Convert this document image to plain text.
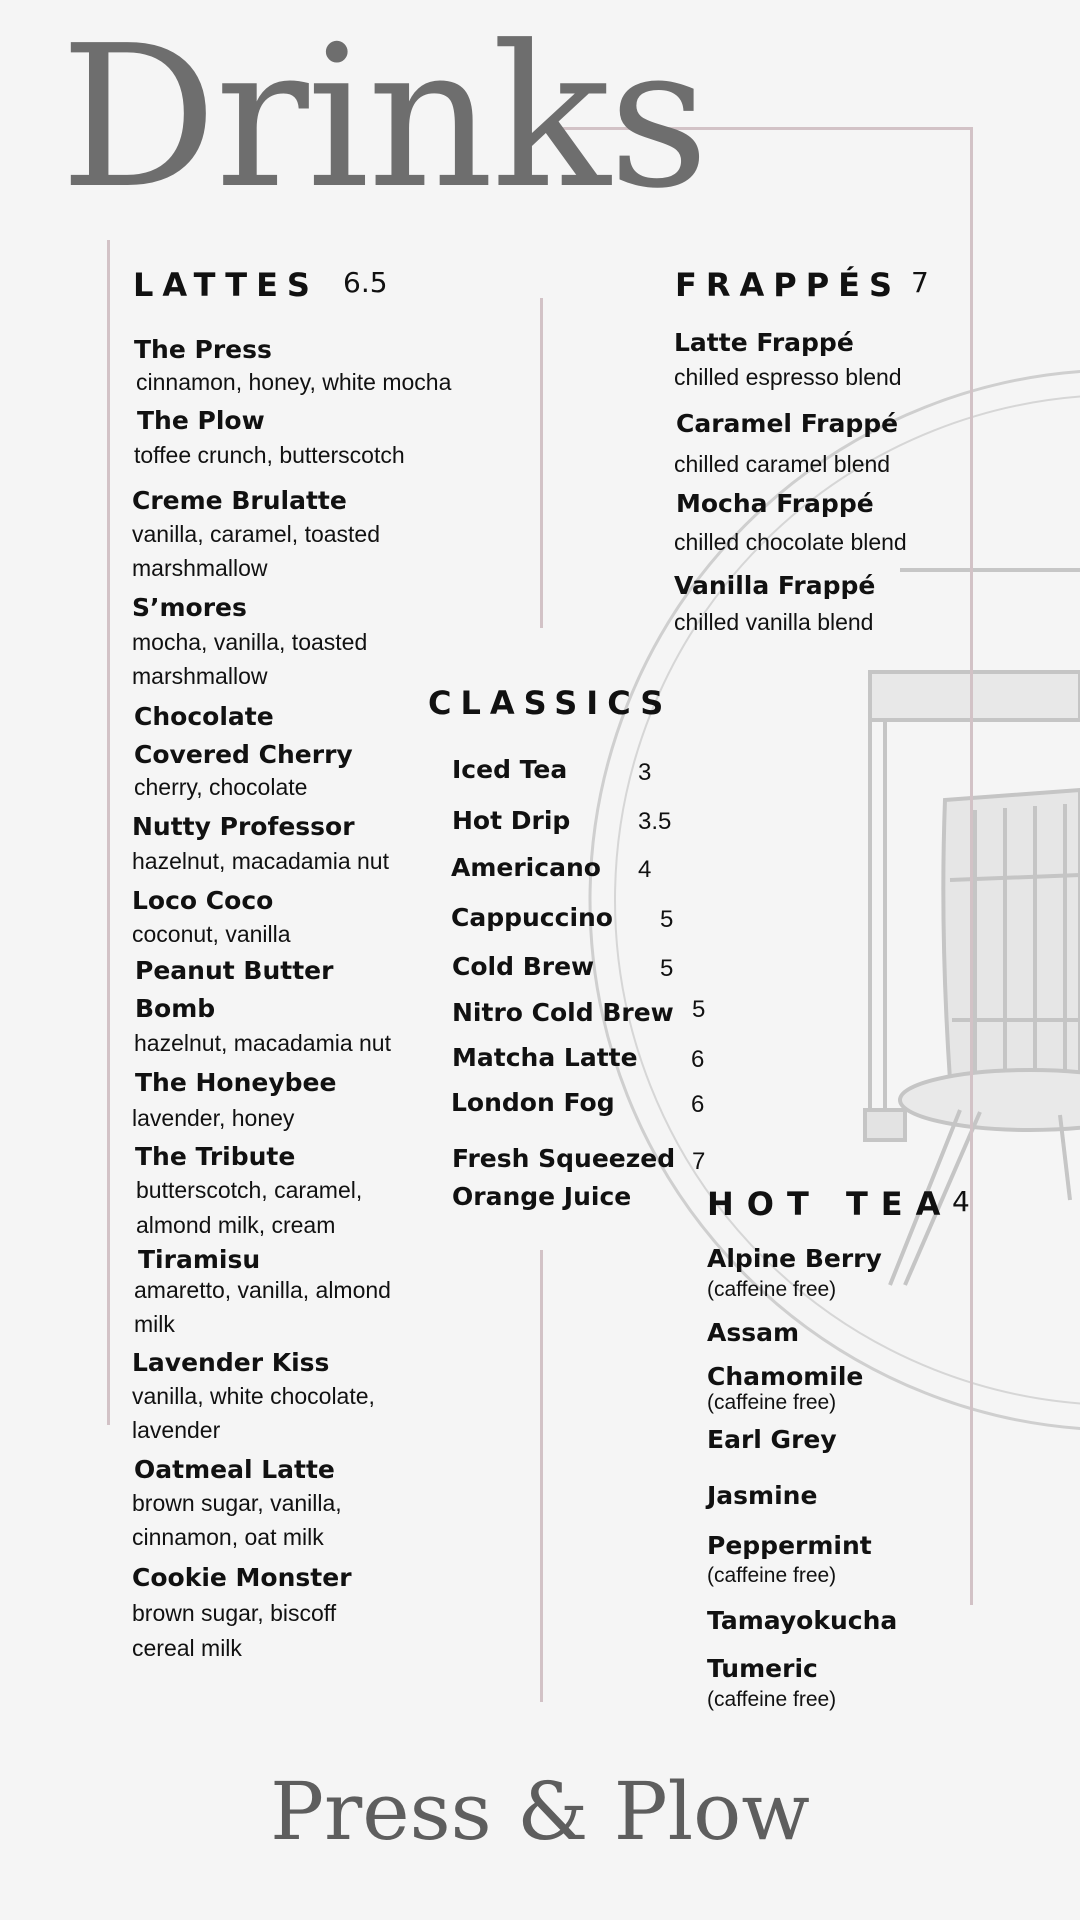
Drinks
LATTES 6.5
The Press
cinnamon, honey, white mocha
The Plow
toffee crunch, butterscotch
Creme Brulatte
vanilla, caramel, toasted
marshmallow
S’mores
mocha, vanilla, toasted
marshmallow
Chocolate
Covered Cherry
cherry, chocolate
Nutty Professor
hazelnut, macadamia nut
Loco Coco
coconut, vanilla
Peanut Butter
Bomb
hazelnut, macadamia nut
The Honeybee
lavender, honey
The Tribute
butterscotch, caramel,
almond milk, cream
Tiramisu
amaretto, vanilla, almond
milk
Lavender Kiss
vanilla, white chocolate,
lavender
Oatmeal Latte
brown sugar, vanilla,
cinnamon, oat milk
Cookie Monster
brown sugar, biscoff
cereal milk
FRAPPÉS 7
Latte Frappé
chilled espresso blend
Caramel Frappé
chilled caramel blend
Mocha Frappé
chilled chocolate blend
Vanilla Frappé
chilled vanilla blend
CLASSICS
Iced Tea	3
Hot Drip	3.5
Americano 4
Cappuccino 5
Cold Brew	5
Nitro Cold Brew 5
Matcha Latte 6
London Fog	6
Fresh Squeezed
Orange Juice
7
HOT TEA
4
Alpine Berry
(caffeine free)
Assam
Chamomile
(caffeine free)
Earl Grey
Jasmine
Peppermint
(caffeine free)
Tamayokucha
Tumeric
(caffeine free)
Press & Plow
